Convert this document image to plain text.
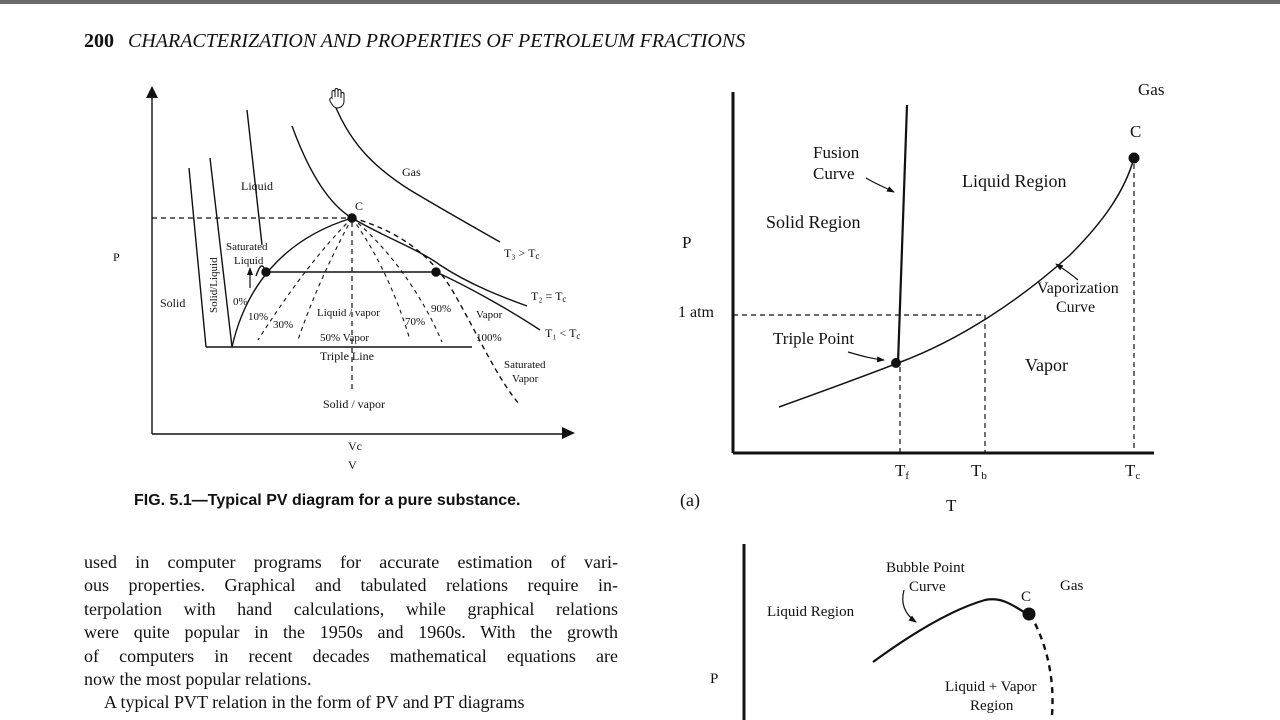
200 CHARACTERIZATION AND PROPERTIES OF PETROLEUM FRACTIONS
P
Vc
V
C
Gas
Liquid
Saturated
Liquid
Solid Solid/Liquid 0%
10%
30%
Liquid / vapor
50% Vapor
70%
90% Vapor
100%
Triple Line
Solid / vapor
Saturated
Vapor
T₃ > Tc
T₂ = Tc
T₁ < Tc
Gas
C
Fusion
Curve	Liquid Region
Solid Region
P
Vaporization
Curve
1 atm
Triple Point
Vapor
Tf	Tb	Tc
(a)	T
Bubble Point
Curve
C
Gas
Liquid Region
P	Liquid + Vapor
Region
FIG. 5.1—Typical PV diagram for a pure substance.
used in computer programs for accurate estimation of vari-
ous properties. Graphical and tabulated relations require in-
terpolation with hand calculations, while graphical relations
were quite popular in the 1950s and 1960s. With the growth
of computers in recent decades mathematical equations are
now the most popular relations.
A typical PVT relation in the form of PV and PT diagrams
